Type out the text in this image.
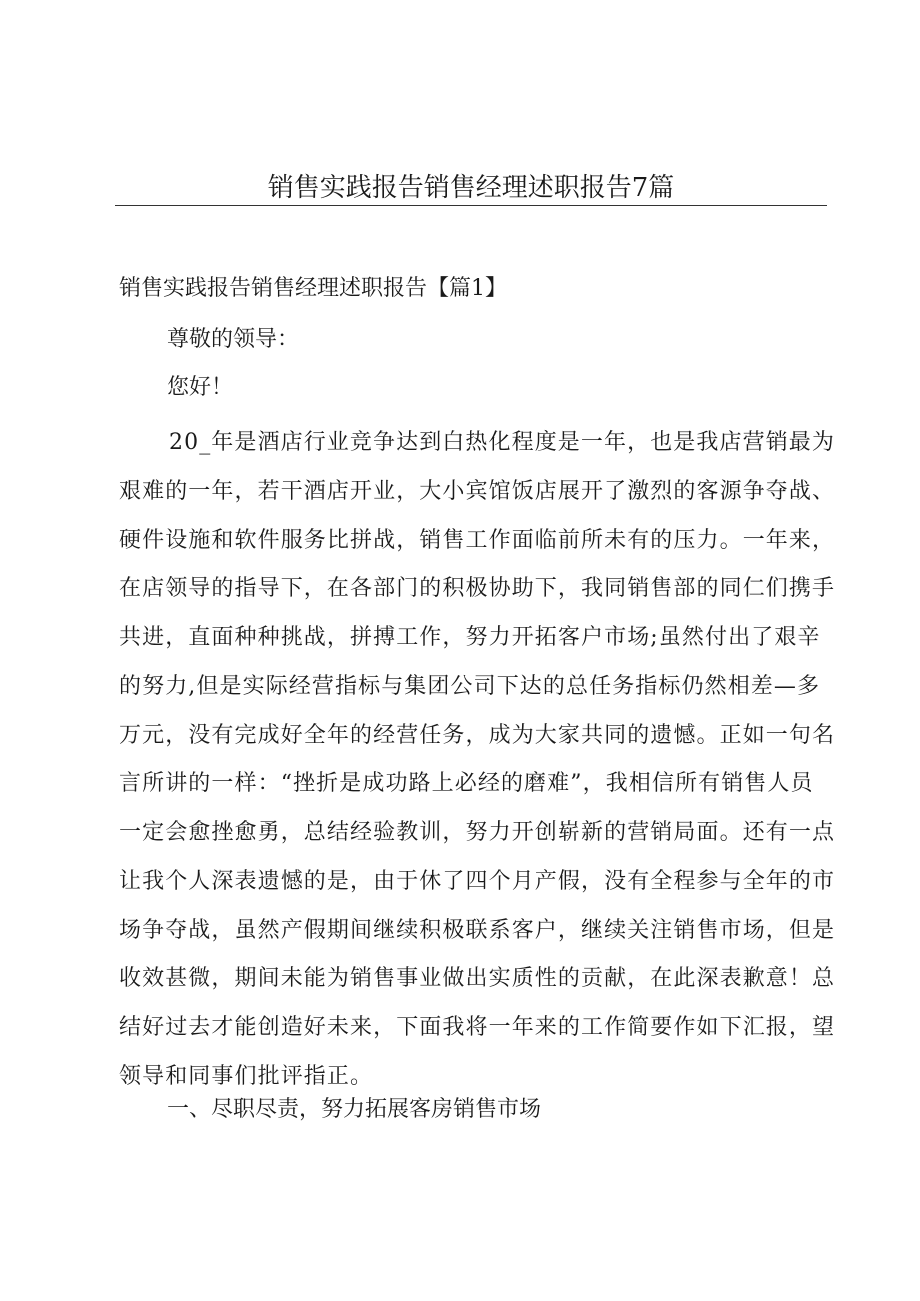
销售实践报告销售经理述职报告7篇
销售实践报告销售经理述职报告【篇1】
尊敬的领导：
您好！
20_年是酒店行业竞争达到白热化程度是一年，也是我店营销最为
艰难的一年，若干酒店开业，大小宾馆饭店展开了激烈的客源争夺战、
硬件设施和软件服务比拼战，销售工作面临前所未有的压力。一年来，
在店领导的指导下，在各部门的积极协助下，我同销售部的同仁们携手
共进，直面种种挑战，拼搏工作，努力开拓客户市场;虽然付出了艰辛
的努力,但是实际经营指标与集团公司下达的总任务指标仍然相差—多
万元，没有完成好全年的经营任务，成为大家共同的遗憾。正如一句名
言所讲的一样：“挫折是成功路上必经的磨难”，我相信所有销售人员
一定会愈挫愈勇，总结经验教训，努力开创崭新的营销局面。还有一点
让我个人深表遗憾的是，由于休了四个月产假，没有全程参与全年的市
场争夺战，虽然产假期间继续积极联系客户，继续关注销售市场，但是
收效甚微，期间未能为销售事业做出实质性的贡献，在此深表歉意！总
结好过去才能创造好未来，下面我将一年来的工作简要作如下汇报，望
领导和同事们批评指正。
一、尽职尽责，努力拓展客房销售市场
